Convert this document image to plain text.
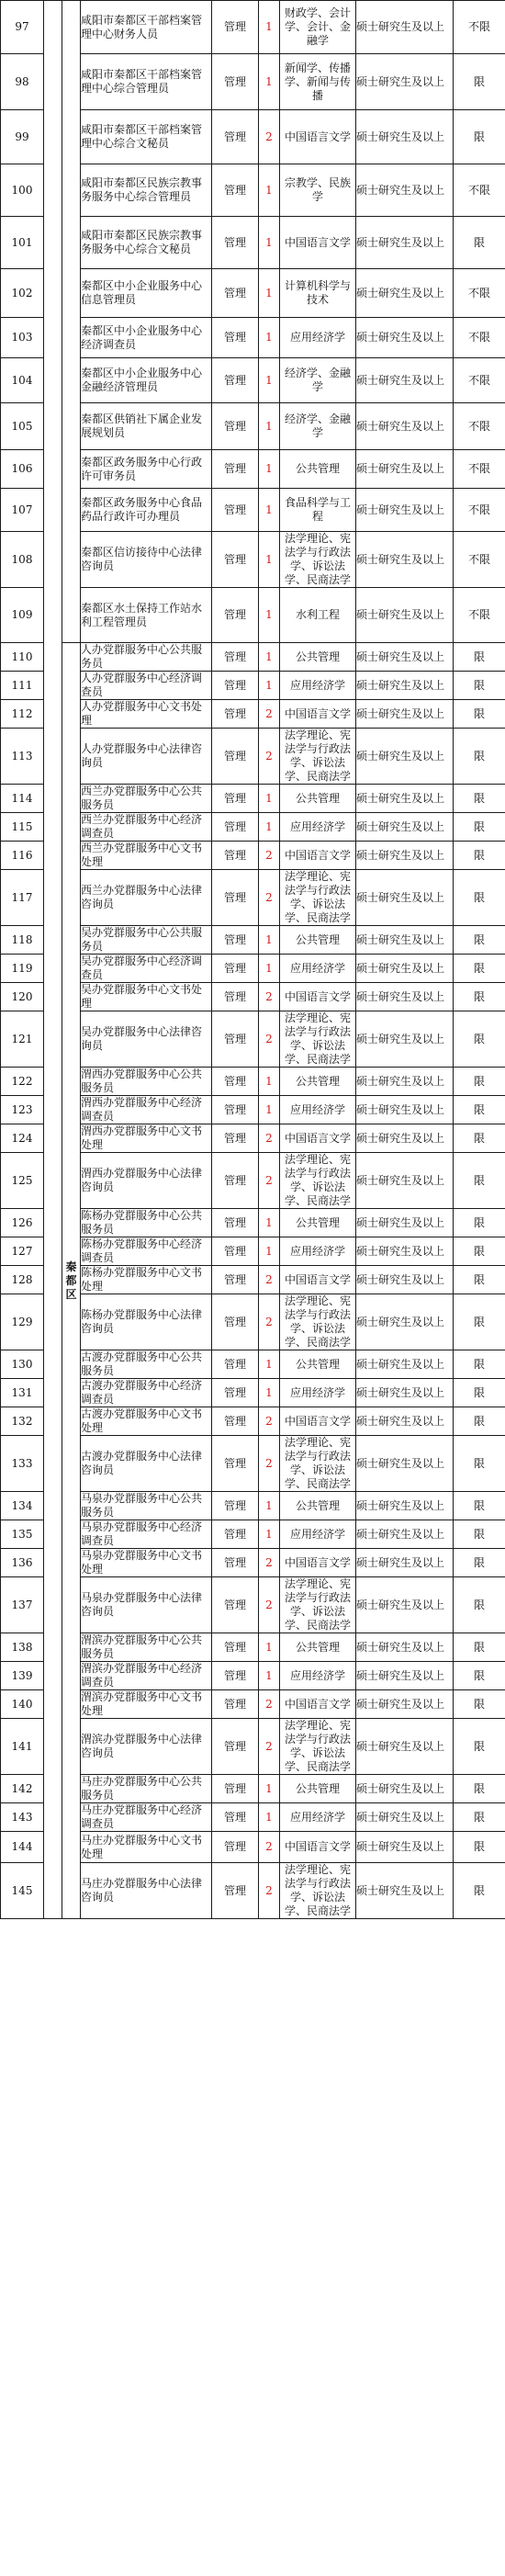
97			咸阳市秦都区干部档案管理中心财务人员	管理	1	财政学、会计学、会计、金融学	硕士研究生及以上	不限
98			咸阳市秦都区干部档案管理中心综合管理员	管理	1	新闻学、传播学、新闻与传播	硕士研究生及以上	限
99			咸阳市秦都区干部档案管理中心综合文秘员	管理	2	中国语言文学	硕士研究生及以上	限
100			咸阳市秦都区民族宗教事务服务中心综合管理员	管理	1	宗教学、民族学	硕士研究生及以上	不限
101			咸阳市秦都区民族宗教事务服务中心综合文秘员	管理	1	中国语言文学	硕士研究生及以上	限
102			秦都区中小企业服务中心信息管理员	管理	1	计算机科学与技术	硕士研究生及以上	不限
103			秦都区中小企业服务中心经济调查员	管理	1	应用经济学	硕士研究生及以上	不限
104			秦都区中小企业服务中心金融经济管理员	管理	1	经济学、金融学	硕士研究生及以上	不限
105			秦都区供销社下属企业发展规划员	管理	1	经济学、金融学	硕士研究生及以上	不限
106			秦都区政务服务中心行政许可审务员	管理	1	公共管理	硕士研究生及以上	不限
107			秦都区政务服务中心食品药品行政许可办理员	管理	1	食品科学与工程	硕士研究生及以上	不限
108			秦都区信访接待中心法律咨询员	管理	1	法学理论、宪法学与行政法学、诉讼法学、民商法学	硕士研究生及以上	不限
109			秦都区水土保持工作站水利工程管理员	管理	1	水利工程	硕士研究生及以上	不限
110		秦都区	人办党群服务中心公共服务员	管理	1	公共管理	硕士研究生及以上	限
111			人办党群服务中心经济调查员	管理	1	应用经济学	硕士研究生及以上	限
112			人办党群服务中心文书处理	管理	2	中国语言文学	硕士研究生及以上	限
113			人办党群服务中心法律咨询员	管理	2	法学理论、宪法学与行政法学、诉讼法学、民商法学	硕士研究生及以上	限
114			西兰办党群服务中心公共服务员	管理	1	公共管理	硕士研究生及以上	限
115			西兰办党群服务中心经济调查员	管理	1	应用经济学	硕士研究生及以上	限
116			西兰办党群服务中心文书处理	管理	2	中国语言文学	硕士研究生及以上	限
117			西兰办党群服务中心法律咨询员	管理	2	法学理论、宪法学与行政法学、诉讼法学、民商法学	硕士研究生及以上	限
118			吴办党群服务中心公共服务员	管理	1	公共管理	硕士研究生及以上	限
119			吴办党群服务中心经济调查员	管理	1	应用经济学	硕士研究生及以上	限
120			吴办党群服务中心文书处理	管理	2	中国语言文学	硕士研究生及以上	限
121			吴办党群服务中心法律咨询员	管理	2	法学理论、宪法学与行政法学、诉讼法学、民商法学	硕士研究生及以上	限
122			渭西办党群服务中心公共服务员	管理	1	公共管理	硕士研究生及以上	限
123			渭西办党群服务中心经济调查员	管理	1	应用经济学	硕士研究生及以上	限
124			渭西办党群服务中心文书处理	管理	2	中国语言文学	硕士研究生及以上	限
125			渭西办党群服务中心法律咨询员	管理	2	法学理论、宪法学与行政法学、诉讼法学、民商法学	硕士研究生及以上	限
126			陈杨办党群服务中心公共服务员	管理	1	公共管理	硕士研究生及以上	限
127			陈杨办党群服务中心经济调查员	管理	1	应用经济学	硕士研究生及以上	限
128			陈杨办党群服务中心文书处理	管理	2	中国语言文学	硕士研究生及以上	限
129			陈杨办党群服务中心法律咨询员	管理	2	法学理论、宪法学与行政法学、诉讼法学、民商法学	硕士研究生及以上	限
130			古渡办党群服务中心公共服务员	管理	1	公共管理	硕士研究生及以上	限
131			古渡办党群服务中心经济调查员	管理	1	应用经济学	硕士研究生及以上	限
132			古渡办党群服务中心文书处理	管理	2	中国语言文学	硕士研究生及以上	限
133			古渡办党群服务中心法律咨询员	管理	2	法学理论、宪法学与行政法学、诉讼法学、民商法学	硕士研究生及以上	限
134			马泉办党群服务中心公共服务员	管理	1	公共管理	硕士研究生及以上	限
135			马泉办党群服务中心经济调查员	管理	1	应用经济学	硕士研究生及以上	限
136			马泉办党群服务中心文书处理	管理	2	中国语言文学	硕士研究生及以上	限
137			马泉办党群服务中心法律咨询员	管理	2	法学理论、宪法学与行政法学、诉讼法学、民商法学	硕士研究生及以上	限
138			渭滨办党群服务中心公共服务员	管理	1	公共管理	硕士研究生及以上	限
139			渭滨办党群服务中心经济调查员	管理	1	应用经济学	硕士研究生及以上	限
140			渭滨办党群服务中心文书处理	管理	2	中国语言文学	硕士研究生及以上	限
141			渭滨办党群服务中心法律咨询员	管理	2	法学理论、宪法学与行政法学、诉讼法学、民商法学	硕士研究生及以上	限
142			马庄办党群服务中心公共服务员	管理	1	公共管理	硕士研究生及以上	限
143			马庄办党群服务中心经济调查员	管理	1	应用经济学	硕士研究生及以上	限
144			马庄办党群服务中心文书处理	管理	2	中国语言文学	硕士研究生及以上	限
145			马庄办党群服务中心法律咨询员	管理	2	法学理论、宪法学与行政法学、诉讼法学、民商法学	硕士研究生及以上	限
